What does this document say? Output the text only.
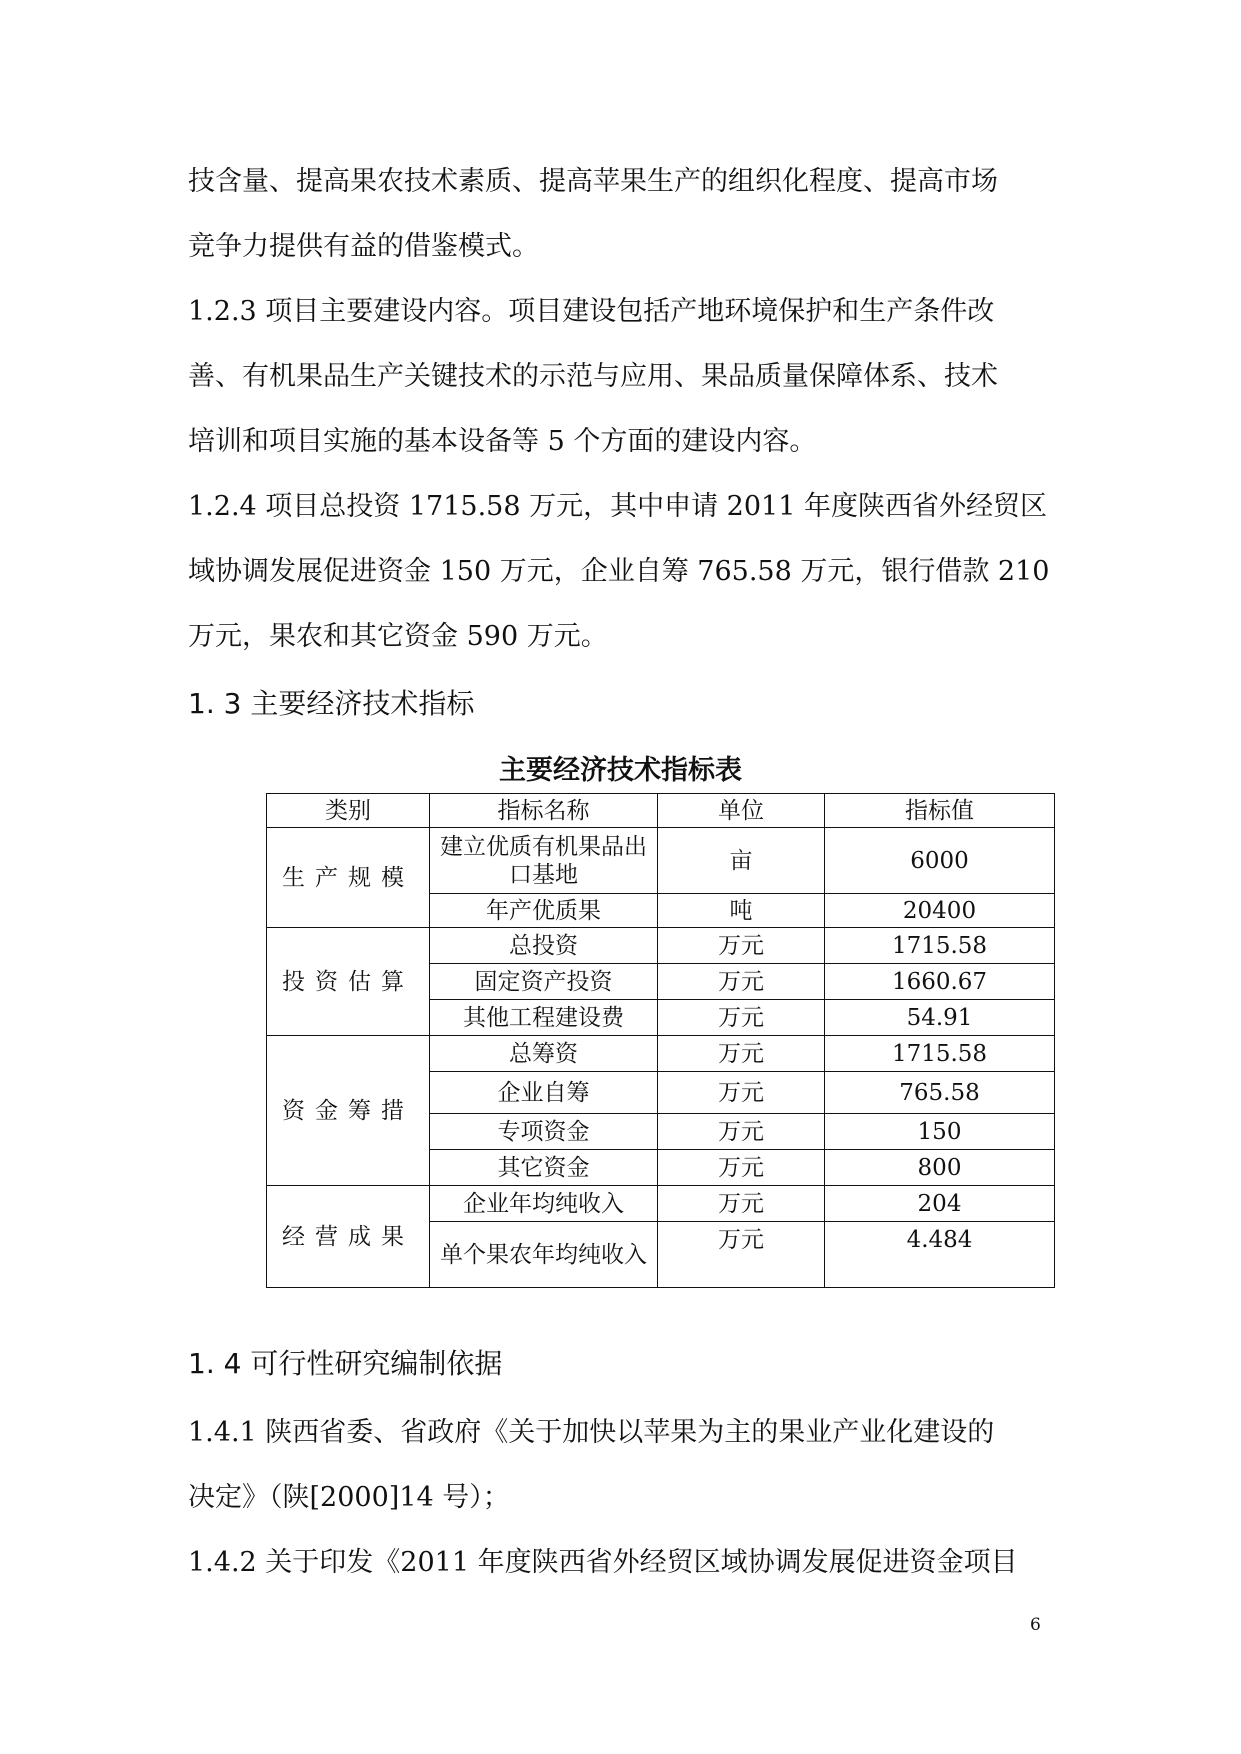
技含量、提高果农技术素质、提高苹果生产的组织化程度、提高市场

竞争力提供有益的借鉴模式。

1.2.3 项目主要建设内容。项目建设包括产地环境保护和生产条件改

善、有机果品生产关键技术的示范与应用、果品质量保障体系、技术

培训和项目实施的基本设备等 5 个方面的建设内容。

1.2.4 项目总投资 1715.58 万元，其中申请 2011 年度陕西省外经贸区

域协调发展促进资金 150 万元，企业自筹 765.58 万元，银行借款 210

万元，果农和其它资金 590 万元。

1. 3 主要经济技术指标
主要经济技术指标表
类别	指标名称	单位	指标值
生产规模	建立优质有机果品出口基地	亩	6000
	年产优质果	吨	20400
投资估算	总投资	万元	1715.58
	固定资产投资	万元	1660.67
	其他工程建设费	万元	54.91
资金筹措	总筹资	万元	1715.58
	企业自筹	万元	765.58
	专项资金	万元	150
	其它资金	万元	800
经营成果	企业年均纯收入	万元	204
	单个果农年均纯收入	万元	4.484
1. 4 可行性研究编制依据

1.4.1 陕西省委、省政府《关于加快以苹果为主的果业产业化建设的

决定》（陕[2000]14 号）；

1.4.2 关于印发《2011 年度陕西省外经贸区域协调发展促进资金项目

6
